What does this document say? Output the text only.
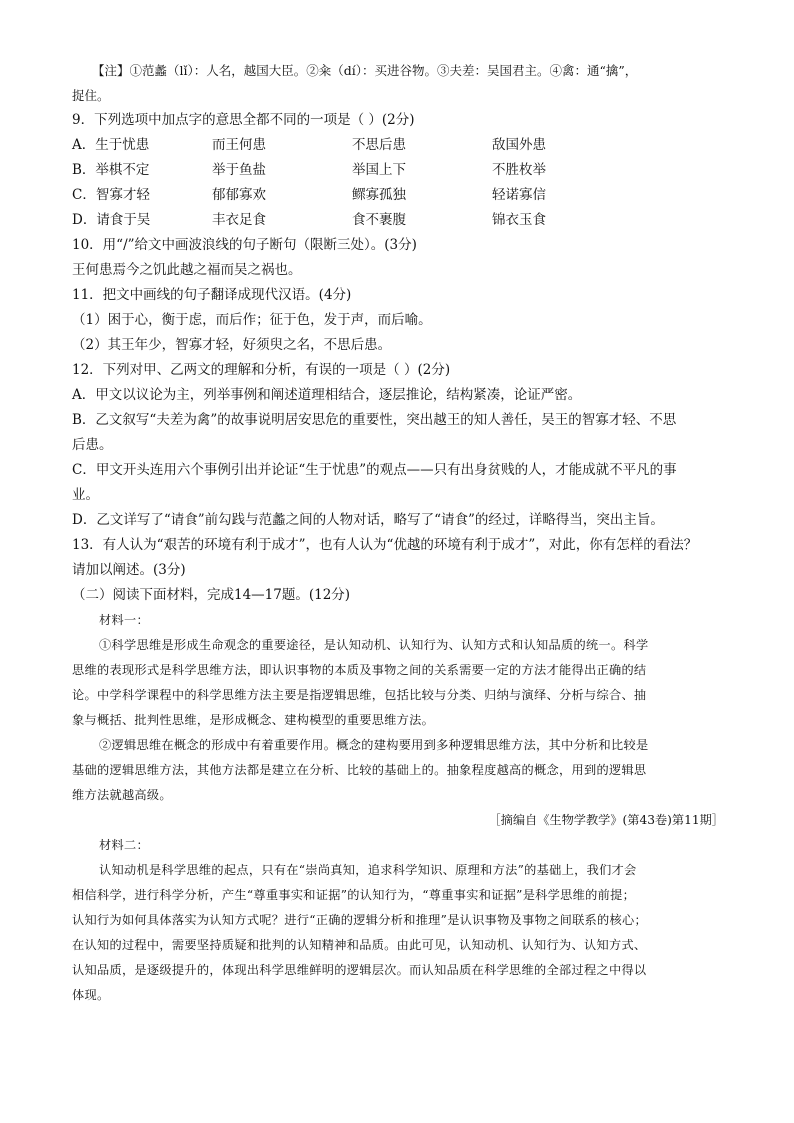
【注】①范蠡（lǐ）：人名，越国大臣。②籴（dí）：买进谷物。③夫差：吴国君主。④禽：通“擒”，
捉住。
9．下列选项中加点字的意思全都不同的一项是（ ）(2分)
A．生于忧患	而王何患	不思后患	敌国外患
B．举棋不定	举于鱼盐	举国上下	不胜枚举
C．智寡才轻	郁郁寡欢	鳏寡孤独	轻诺寡信
D．请食于吴	丰衣足食	食不裹腹	锦衣玉食
10．用“/”给文中画波浪线的句子断句（限断三处）。(3分)
王何患焉今之饥此越之福而吴之祸也。
11．把文中画线的句子翻译成现代汉语。(4分)
（1）困于心，衡于虑，而后作；征于色，发于声，而后喻。
（2）其王年少，智寡才轻，好须臾之名，不思后患。
12．下列对甲、乙两文的理解和分析，有误的一项是（ ）(2分)
A．甲文以议论为主，列举事例和阐述道理相结合，逐层推论，结构紧凑，论证严密。
B．乙文叙写“夫差为禽”的故事说明居安思危的重要性，突出越王的知人善任，吴王的智寡才轻、不思
后患。
C．甲文开头连用六个事例引出并论证“生于忧患”的观点——只有出身贫贱的人，才能成就不平凡的事
业。
D．乙文详写了“请食”前勾践与范蠡之间的人物对话，略写了“请食”的经过，详略得当，突出主旨。
13．有人认为“艰苦的环境有利于成才”，也有人认为“优越的环境有利于成才”，对此，你有怎样的看法？
请加以阐述。(3分)
（二）阅读下面材料，完成14—17题。(12分)
材料一：
①科学思维是形成生命观念的重要途径，是认知动机、认知行为、认知方式和认知品质的统一。科学
思维的表现形式是科学思维方法，即认识事物的本质及事物之间的关系需要一定的方法才能得出正确的结
论。中学科学课程中的科学思维方法主要是指逻辑思维，包括比较与分类、归纳与演绎、分析与综合、抽
象与概括、批判性思维，是形成概念、建构模型的重要思维方法。
②逻辑思维在概念的形成中有着重要作用。概念的建构要用到多种逻辑思维方法，其中分析和比较是
基础的逻辑思维方法，其他方法都是建立在分析、比较的基础上的。抽象程度越高的概念，用到的逻辑思
维方法就越高级。
［摘编自《生物学教学》(第43卷)第11期］
材料二：
认知动机是科学思维的起点，只有在“崇尚真知，追求科学知识、原理和方法”的基础上，我们才会
相信科学，进行科学分析，产生“尊重事实和证据”的认知行为，“尊重事实和证据”是科学思维的前提；
认知行为如何具体落实为认知方式呢？进行“正确的逻辑分析和推理”是认识事物及事物之间联系的核心；
在认知的过程中，需要坚持质疑和批判的认知精神和品质。由此可见，认知动机、认知行为、认知方式、
认知品质，是逐级提升的，体现出科学思维鲜明的逻辑层次。而认知品质在科学思维的全部过程之中得以
体现。
